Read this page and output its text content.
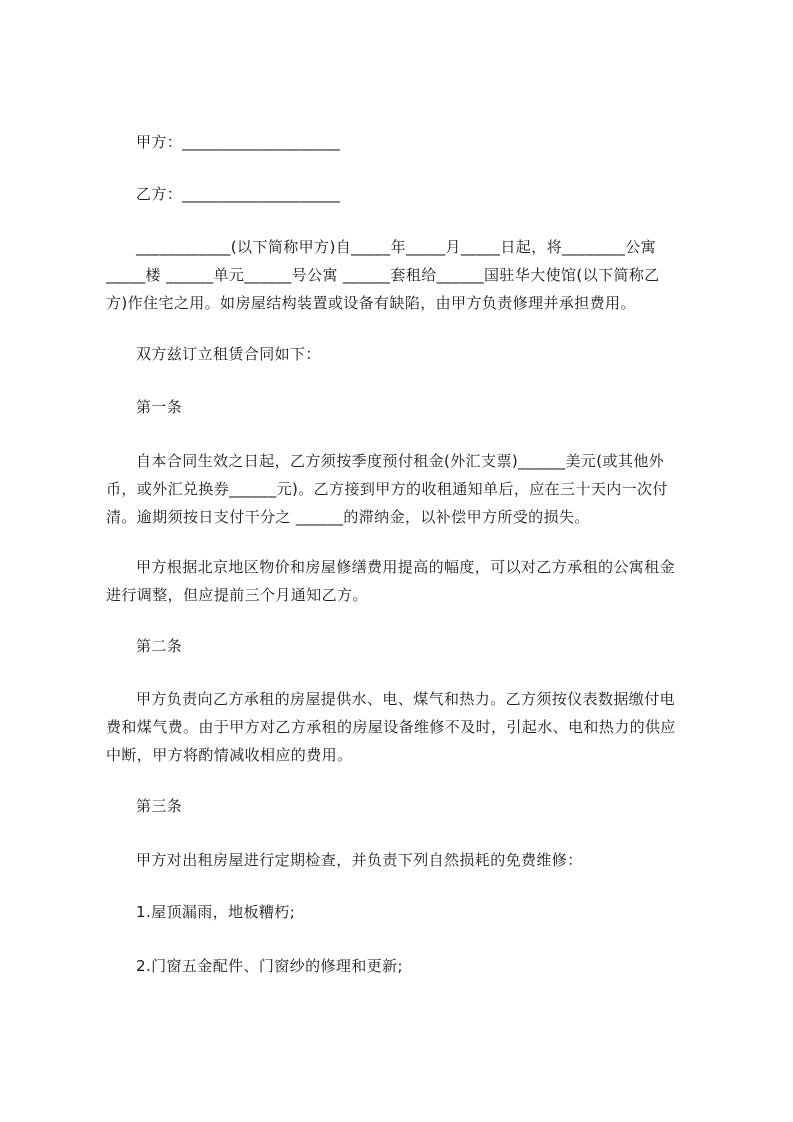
甲方：____________________

乙方：____________________

____________(以下简称甲方)自_____年_____月_____日起，将________公寓
_____楼 ______单元______号公寓 ______套租给______国驻华大使馆(以下简称乙
方)作住宅之用。如房屋结构装置或设备有缺陷，由甲方负责修理并承担费用。

双方兹订立租赁合同如下：

第一条

自本合同生效之日起，乙方须按季度预付租金(外汇支票)______美元(或其他外
币，或外汇兑换券______元)。乙方接到甲方的收租通知单后，应在三十天内一次付
清。逾期须按日支付干分之 ______的滞纳金，以补偿甲方所受的损失。
甲方根据北京地区物价和房屋修缮费用提高的幅度，可以对乙方承租的公寓租金
进行调整，但应提前三个月通知乙方。

第二条

甲方负责向乙方承租的房屋提供水、电、煤气和热力。乙方须按仪表数据缴付电
费和煤气费。由于甲方对乙方承租的房屋设备维修不及时，引起水、电和热力的供应
中断，甲方将酌情减收相应的费用。

第三条

甲方对出租房屋进行定期检查，并负责下列自然损耗的免费维修：

1.屋顶漏雨，地板糟朽;

2.门窗五金配件、门窗纱的修理和更新;
